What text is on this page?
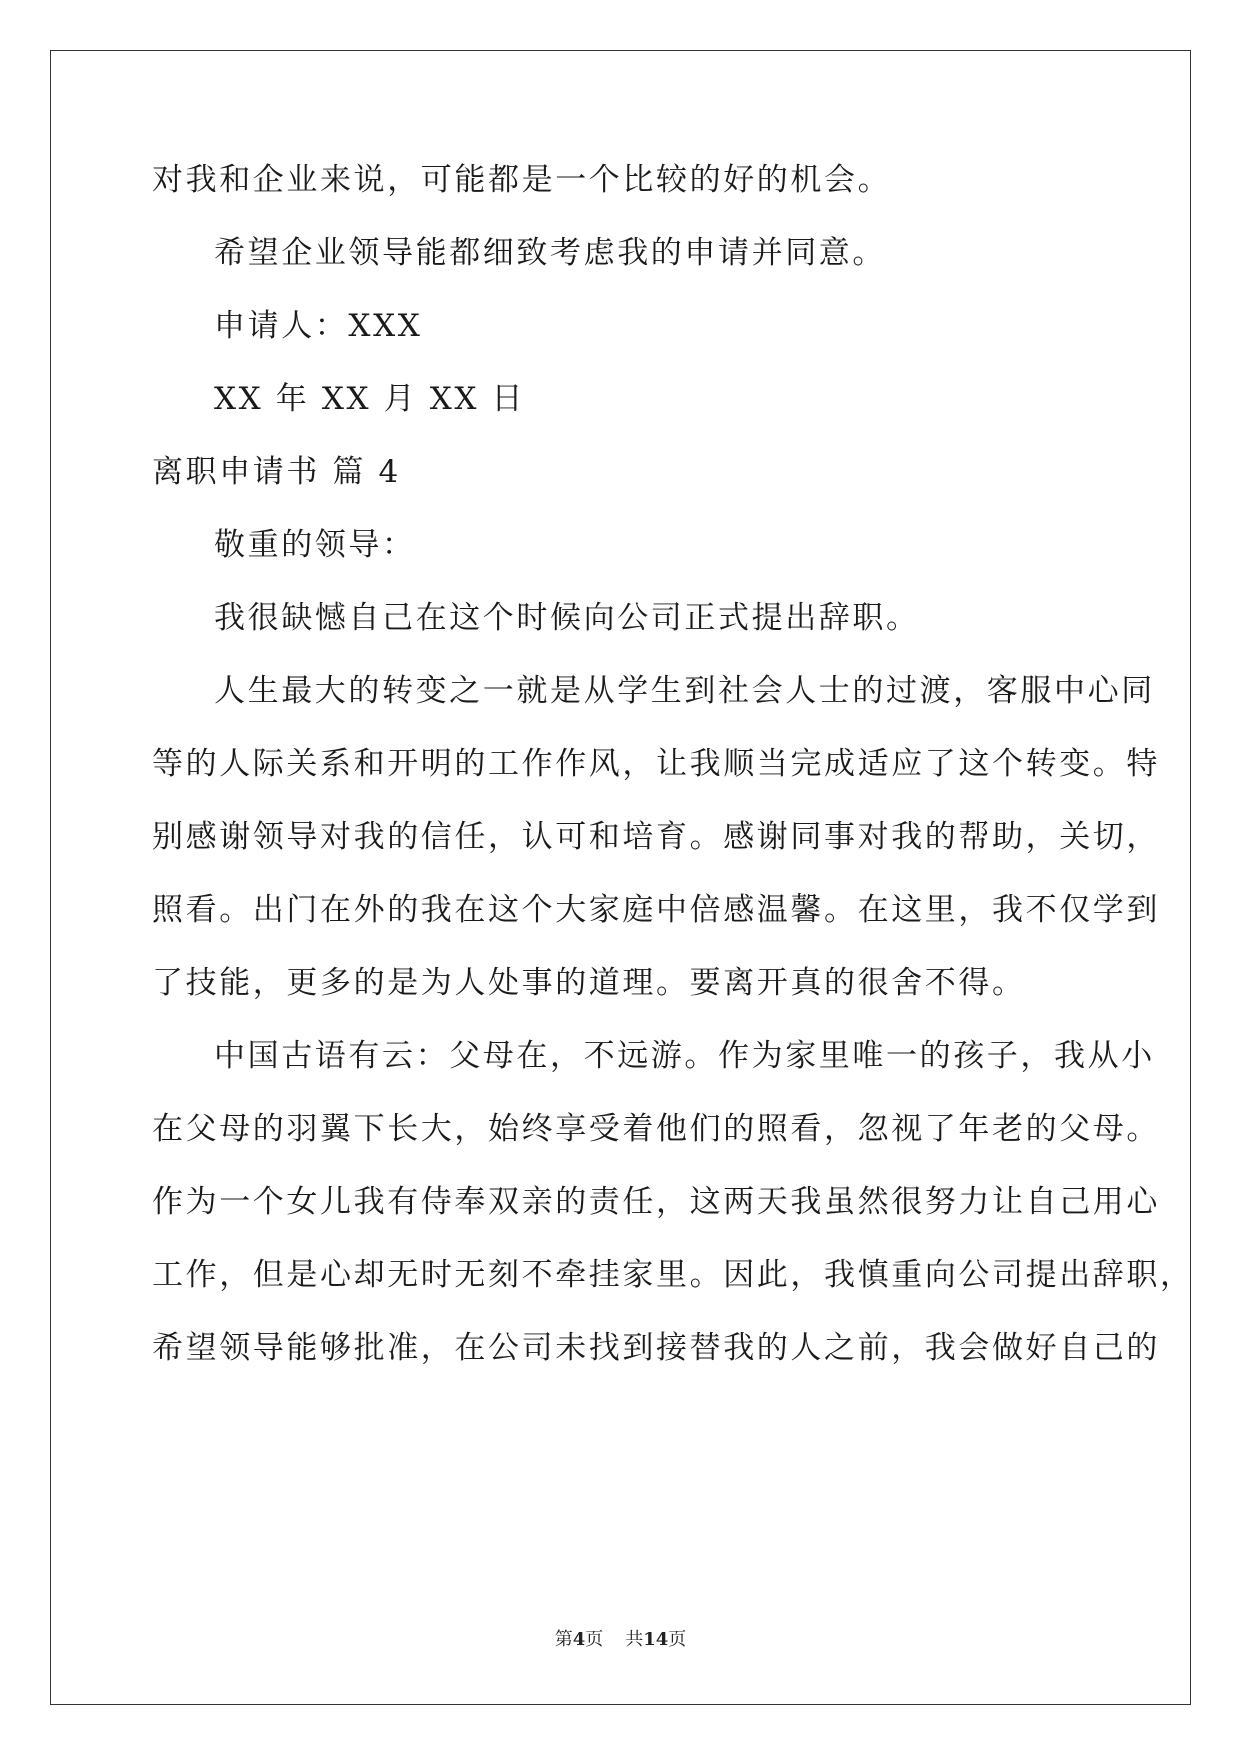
对我和企业来说，可能都是一个比较的好的机会。
希望企业领导能都细致考虑我的申请并同意。
申请人：XXX
XX 年 XX 月 XX 日
离职申请书 篇 4
敬重的领导：
我很缺憾自己在这个时候向公司正式提出辞职。
人生最大的转变之一就是从学生到社会人士的过渡，客服中心同
等的人际关系和开明的工作作风，让我顺当完成适应了这个转变。特
别感谢领导对我的信任，认可和培育。感谢同事对我的帮助，关切，
照看。出门在外的我在这个大家庭中倍感温馨。在这里，我不仅学到
了技能，更多的是为人处事的道理。要离开真的很舍不得。
中国古语有云：父母在，不远游。作为家里唯一的孩子，我从小
在父母的羽翼下长大，始终享受着他们的照看，忽视了年老的父母。
作为一个女儿我有侍奉双亲的责任，这两天我虽然很努力让自己用心
工作，但是心却无时无刻不牵挂家里。因此，我慎重向公司提出辞职，
希望领导能够批准，在公司未找到接替我的人之前，我会做好自己的
第4页 共14页
